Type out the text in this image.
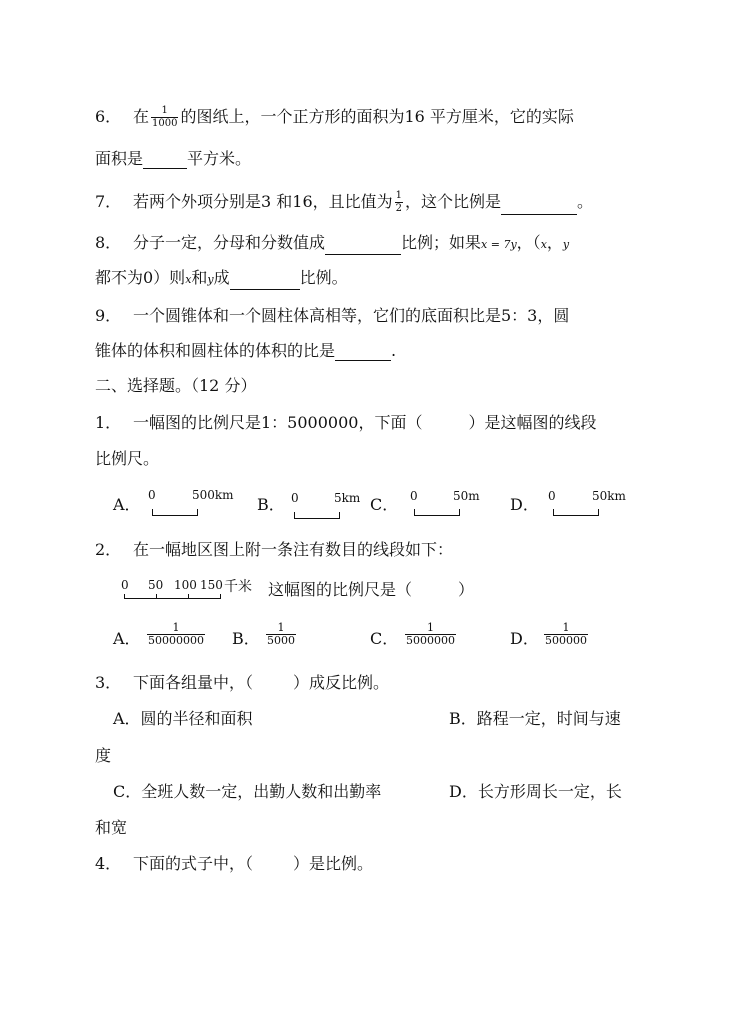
6． 在 $\frac{1}{1000}$ 的图纸上，一个正方形的面积为16 平方厘米，它的实际
面积是	平方米。
7． 若两个外项分别是3 和16，且比值为 $\frac{1}{2}$ ，这个比例是	。
8． 分子一定，分母和分数值成	比例；如果x = 7y，（x，y
都不为0）则x和y成	比例。
9． 一个圆锥体和一个圆柱体高相等，它们的底面积比是5：3，圆
锥体的体积和圆柱体的体积的比是	.
二、选择题。（12 分）
1． 一幅图的比例尺是1：5000000，下面（	）是这幅图的线段
比例尺。
A． 0	500km B． 0	5km C． 0	50m D． 0	50km
2． 在一幅地区图上附一条注有数目的线段如下：
0 50 100 150 千米 这幅图的比例尺是（	）
A． $\frac{1}{50000000}$ B． $\frac{1}{5000}$	C． $\frac{1}{5000000}$	D． $\frac{1}{500000}$
3． 下面各组量中，（	）成反比例。
A．圆的半径和面积	B．路程一定，时间与速
度
C．全班人数一定，出勤人数和出勤率	D．长方形周长一定，长
和宽
4． 下面的式子中，（	）是比例。
